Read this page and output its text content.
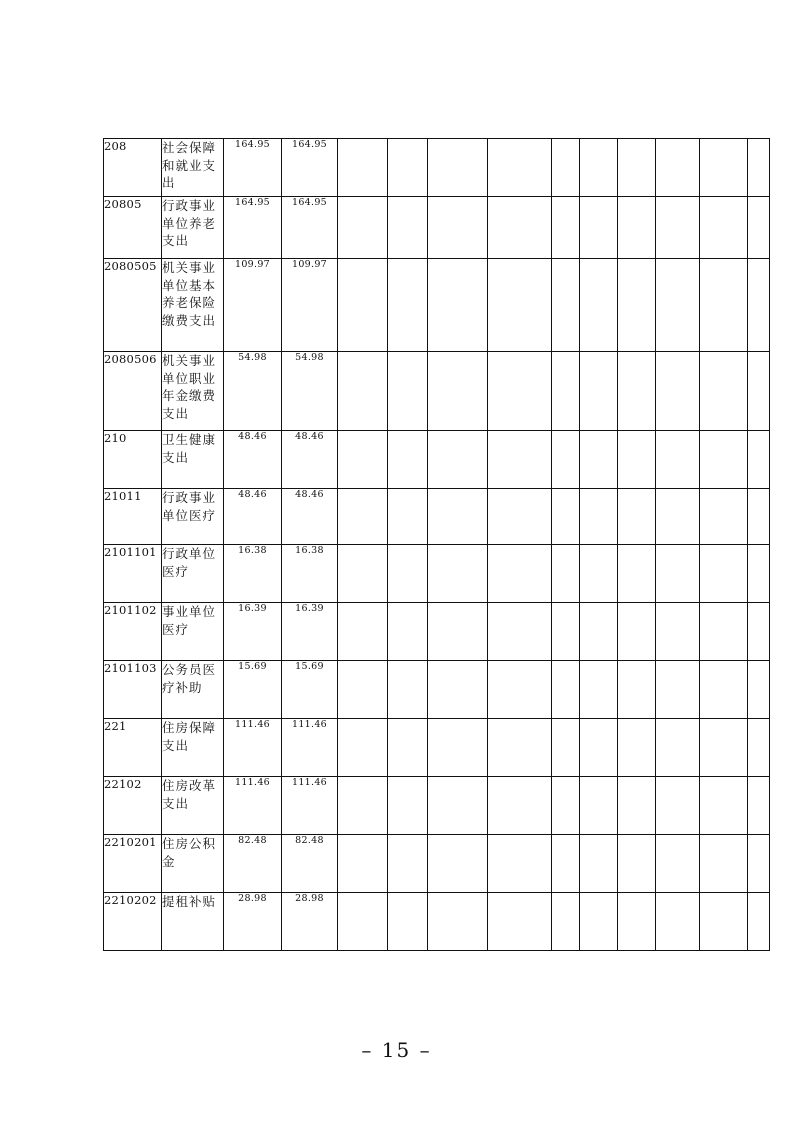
208	社会保障和就业支出	164.95	164.95										
20805	行政事业单位养老支出	164.95	164.95										
2080505	机关事业单位基本养老保险缴费支出	109.97	109.97										
2080506	机关事业单位职业年金缴费支出	54.98	54.98										
210	卫生健康支出	48.46	48.46										
21011	行政事业单位医疗	48.46	48.46										
2101101	行政单位医疗	16.38	16.38										
2101102	事业单位医疗	16.39	16.39										
2101103	公务员医疗补助	15.69	15.69										
221	住房保障支出	111.46	111.46										
22102	住房改革支出	111.46	111.46										
2210201	住房公积金	82.48	82.48										
2210202	提租补贴	28.98	28.98										
– 15 –
